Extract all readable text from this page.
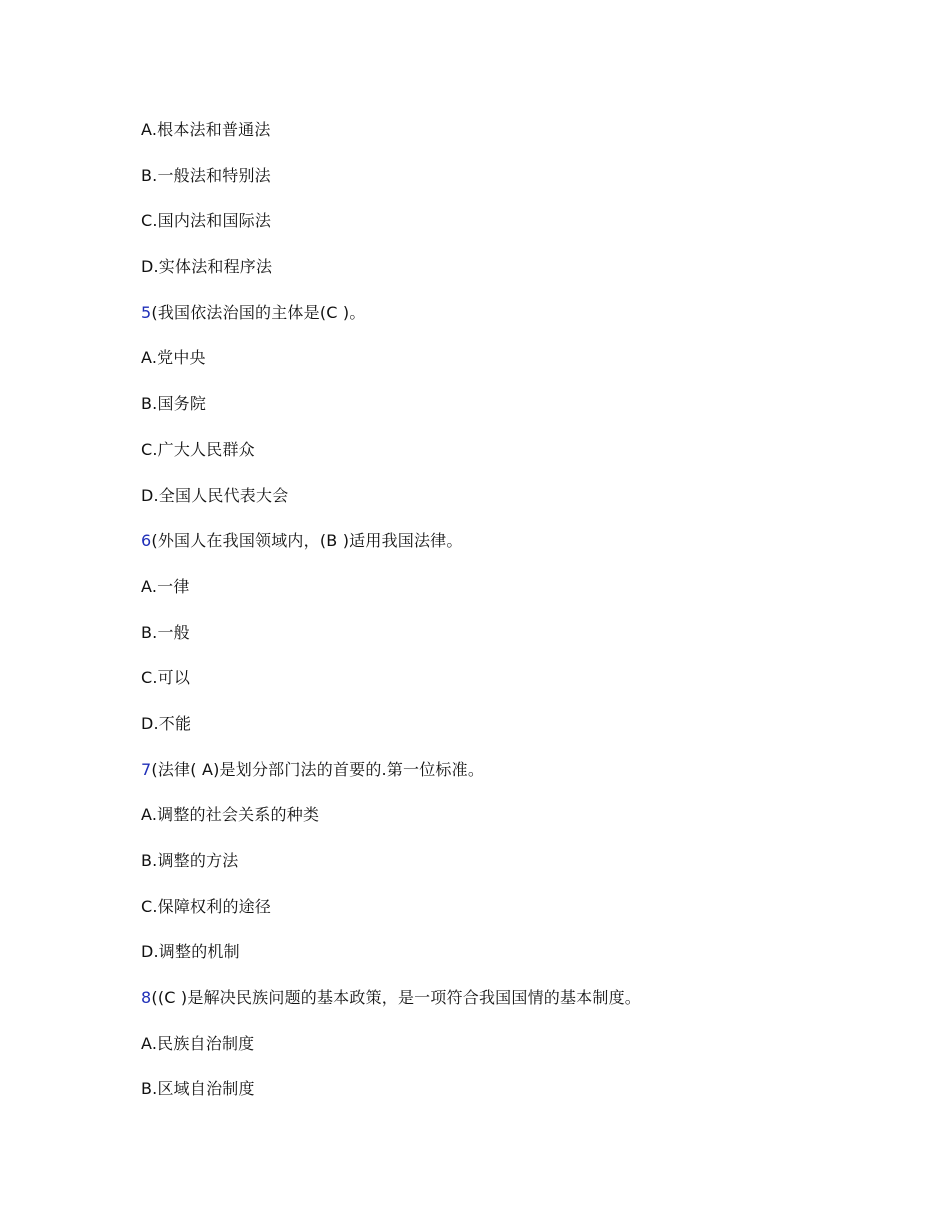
A.根本法和普通法
B.一般法和特别法
C.国内法和国际法
D.实体法和程序法
5(我国依法治国的主体是(C )。
A.党中央
B.国务院
C.广大人民群众
D.全国人民代表大会
6(外国人在我国领域内，(B )适用我国法律。
A.一律
B.一般
C.可以
D.不能
7(法律( A)是划分部门法的首要的.第一位标准。
A.调整的社会关系的种类
B.调整的方法
C.保障权利的途径
D.调整的机制
8((C )是解决民族问题的基本政策，是一项符合我国国情的基本制度。
A.民族自治制度
B.区域自治制度
